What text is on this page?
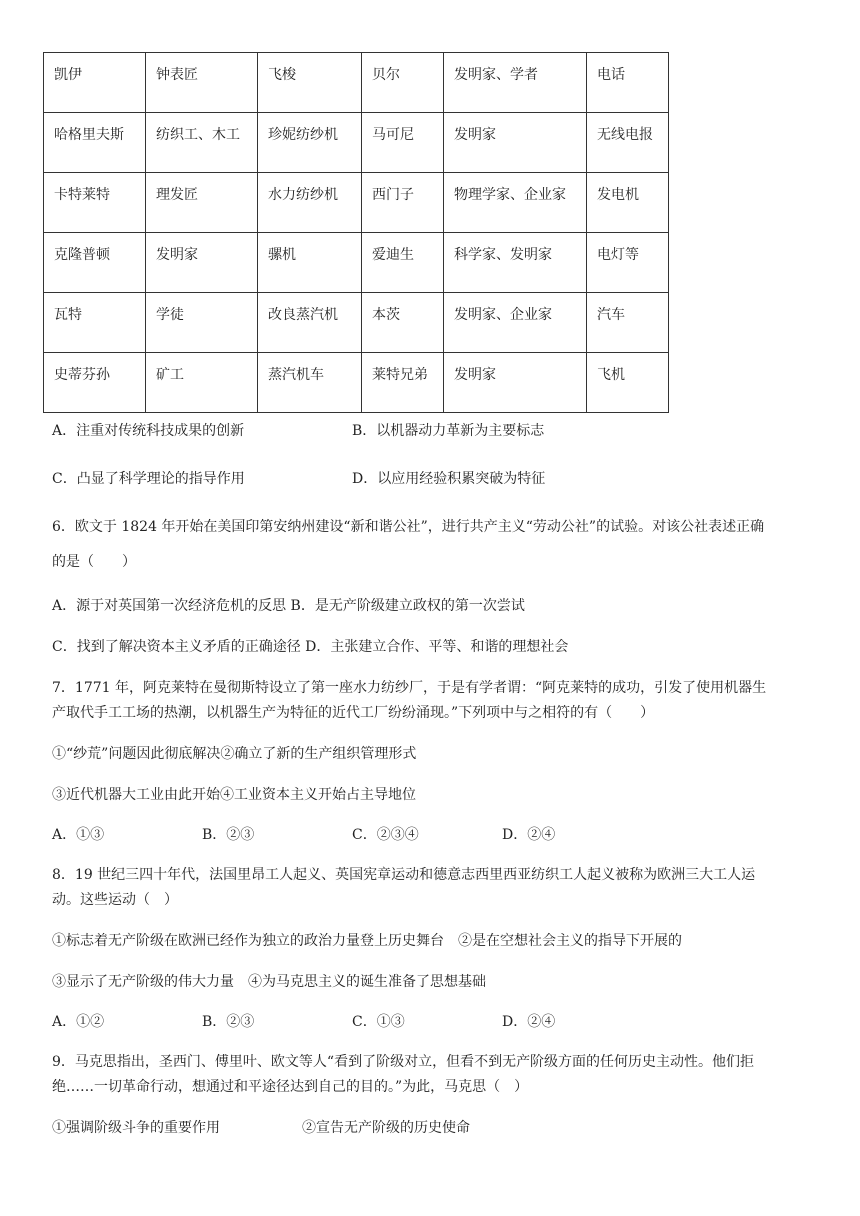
凯伊	钟表匠	飞梭	贝尔	发明家、学者	电话

哈格里夫斯	纺织工、木工	珍妮纺纱机	马可尼	发明家	无线电报

卡特莱特	理发匠	水力纺纱机	西门子	物理学家、企业家	发电机

克隆普顿	发明家	骡机	爱迪生	科学家、发明家	电灯等

瓦特	学徒	改良蒸汽机	本茨	发明家、企业家	汽车

史蒂芬孙	矿工	蒸汽机车	莱特兄弟	发明家	飞机
A．注重对传统科技成果的创新	B．以机器动力革新为主要标志
C．凸显了科学理论的指导作用	D．以应用经验积累突破为特征
6．欧文于 1824 年开始在美国印第安纳州建设“新和谐公社”，进行共产主义“劳动公社”的试验。对该公社表述正确
的是（　　）
A．源于对英国第一次经济危机的反思 B．是无产阶级建立政权的第一次尝试
C．找到了解决资本主义矛盾的正确途径 D．主张建立合作、平等、和谐的理想社会
7．1771 年，阿克莱特在曼彻斯特设立了第一座水力纺纱厂，于是有学者谓：“阿克莱特的成功，引发了使用机器生
产取代手工工场的热潮，以机器生产为特征的近代工厂纷纷涌现。”下列项中与之相符的有（　　）
①“纱荒”问题因此彻底解决②确立了新的生产组织管理形式
③近代机器大工业由此开始④工业资本主义开始占主导地位
A．①③	B．②③	C．②③④	D．②④
8．19 世纪三四十年代，法国里昂工人起义、英国宪章运动和德意志西里西亚纺织工人起义被称为欧洲三大工人运
动。这些运动（　）
①标志着无产阶级在欧洲已经作为独立的政治力量登上历史舞台　②是在空想社会主义的指导下开展的
③显示了无产阶级的伟大力量　④为马克思主义的诞生准备了思想基础
A．①②	B．②③	C．①③	D．②④
9．马克思指出，圣西门、傅里叶、欧文等人“看到了阶级对立，但看不到无产阶级方面的任何历史主动性。他们拒
绝……一切革命行动，想通过和平途径达到自己的目的。”为此，马克思（　）
①强调阶级斗争的重要作用	②宣告无产阶级的历史使命
